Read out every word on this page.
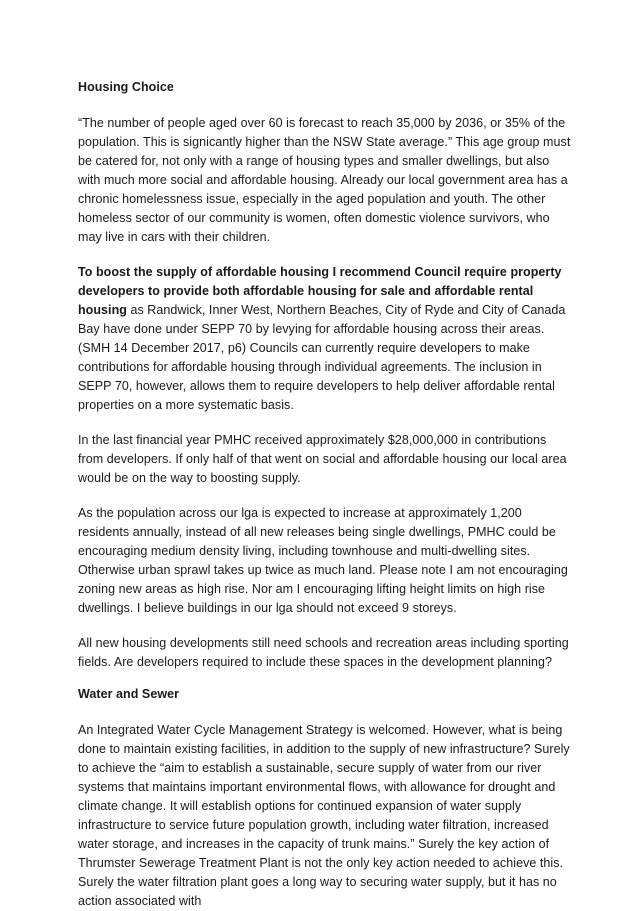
Housing Choice

“The number of people aged over 60 is forecast to reach 35,000 by 2036, or 35% of the population. This is signicantly higher than the NSW State average.” This age group must be catered for, not only with a range of housing types and smaller dwellings, but also with much more social and affordable housing. Already our local government area has a chronic homelessness issue, especially in the aged population and youth. The other homeless sector of our community is women, often domestic violence survivors, who may live in cars with their children.

To boost the supply of affordable housing I recommend Council require property developers to provide both affordable housing for sale and affordable rental housing as Randwick, Inner West, Northern Beaches, City of Ryde and City of Canada Bay have done under SEPP 70 by levying for affordable housing across their areas. (SMH 14 December 2017, p6) Councils can currently require developers to make contributions for affordable housing through individual agreements. The inclusion in SEPP 70, however, allows them to require developers to help deliver affordable rental properties on a more systematic basis.

In the last financial year PMHC received approximately $28,000,000 in contributions from developers. If only half of that went on social and affordable housing our local area would be on the way to boosting supply.

As the population across our lga is expected to increase at approximately 1,200 residents annually, instead of all new releases being single dwellings, PMHC could be encouraging medium density living, including townhouse and multi-dwelling sites. Otherwise urban sprawl takes up twice as much land. Please note I am not encouraging zoning new areas as high rise. Nor am I encouraging lifting height limits on high rise dwellings. I believe buildings in our lga should not exceed 9 storeys.

All new housing developments still need schools and recreation areas including sporting fields. Are developers required to include these spaces in the development planning?

Water and Sewer

An Integrated Water Cycle Management Strategy is welcomed. However, what is being done to maintain existing facilities, in addition to the supply of new infrastructure? Surely to achieve the “aim to establish a sustainable, secure supply of water from our river systems that maintains important environmental flows, with allowance for drought and climate change. It will establish options for continued expansion of water supply infrastructure to service future population growth, including water filtration, increased water storage, and increases in the capacity of trunk mains.” Surely the key action of Thrumster Sewerage Treatment Plant is not the only key action needed to achieve this. Surely the water filtration plant goes a long way to securing water supply, but it has no action associated with
